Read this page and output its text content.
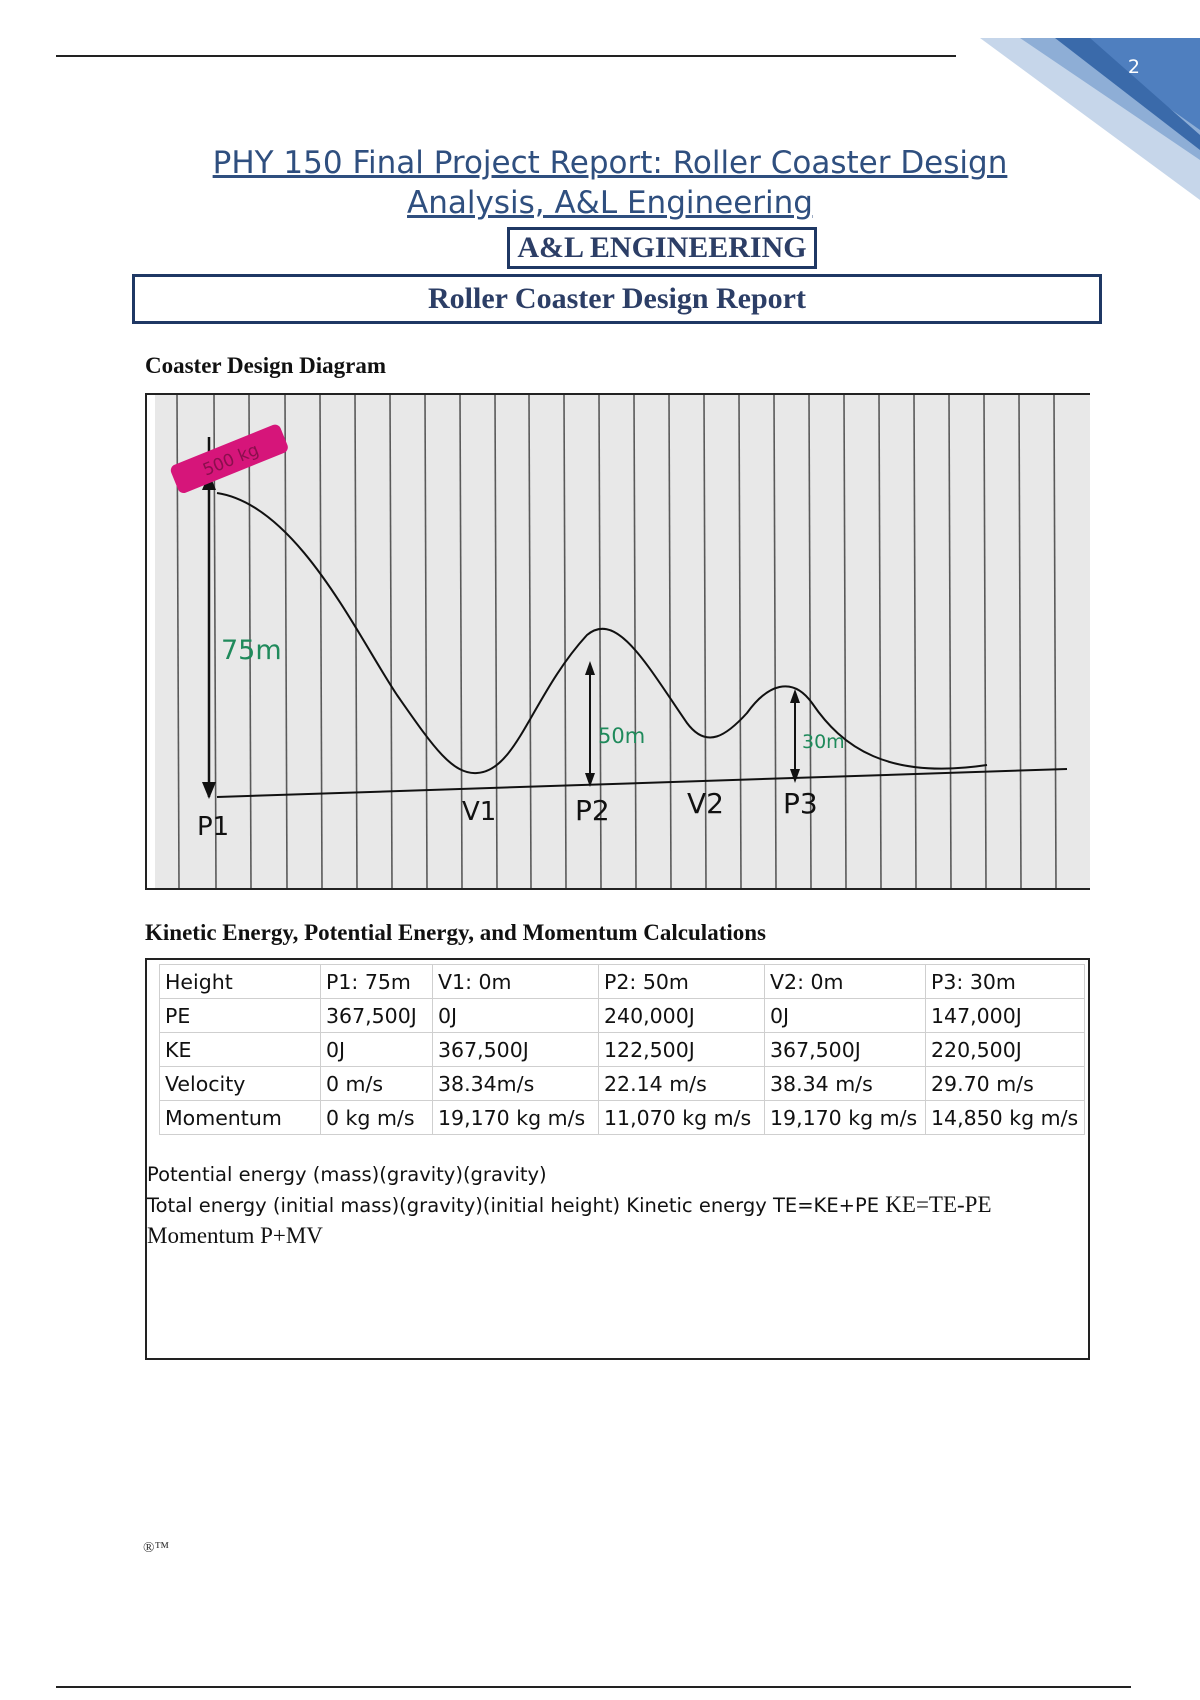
2
PHY 150 Final Project Report: Roller Coaster Design Analysis, A&L Engineering
A&L ENGINEERING
Roller Coaster Design Report
Coaster Design Diagram
500 kg
75m
50m	30m
P1	V1	P2	V2 P3
Kinetic Energy, Potential Energy, and Momentum Calculations
Height	P1: 75m	V1: 0m	P2: 50m	V2: 0m	P3: 30m
PE	367,500J	0J	240,000J	0J	147,000J
KE	0J	367,500J	122,500J	367,500J	220,500J
Velocity	0 m/s	38.34m/s	22.14 m/s	38.34 m/s	29.70 m/s
Momentum	0 kg m/s	19,170 kg m/s	11,070 kg m/s	19,170 kg m/s	14,850 kg m/s
Potential energy (mass)(gravity)(gravity)
Total energy (initial mass)(gravity)(initial height) Kinetic energy TE=KE+PE KE=TE-PE
Momentum P+MV
®™
